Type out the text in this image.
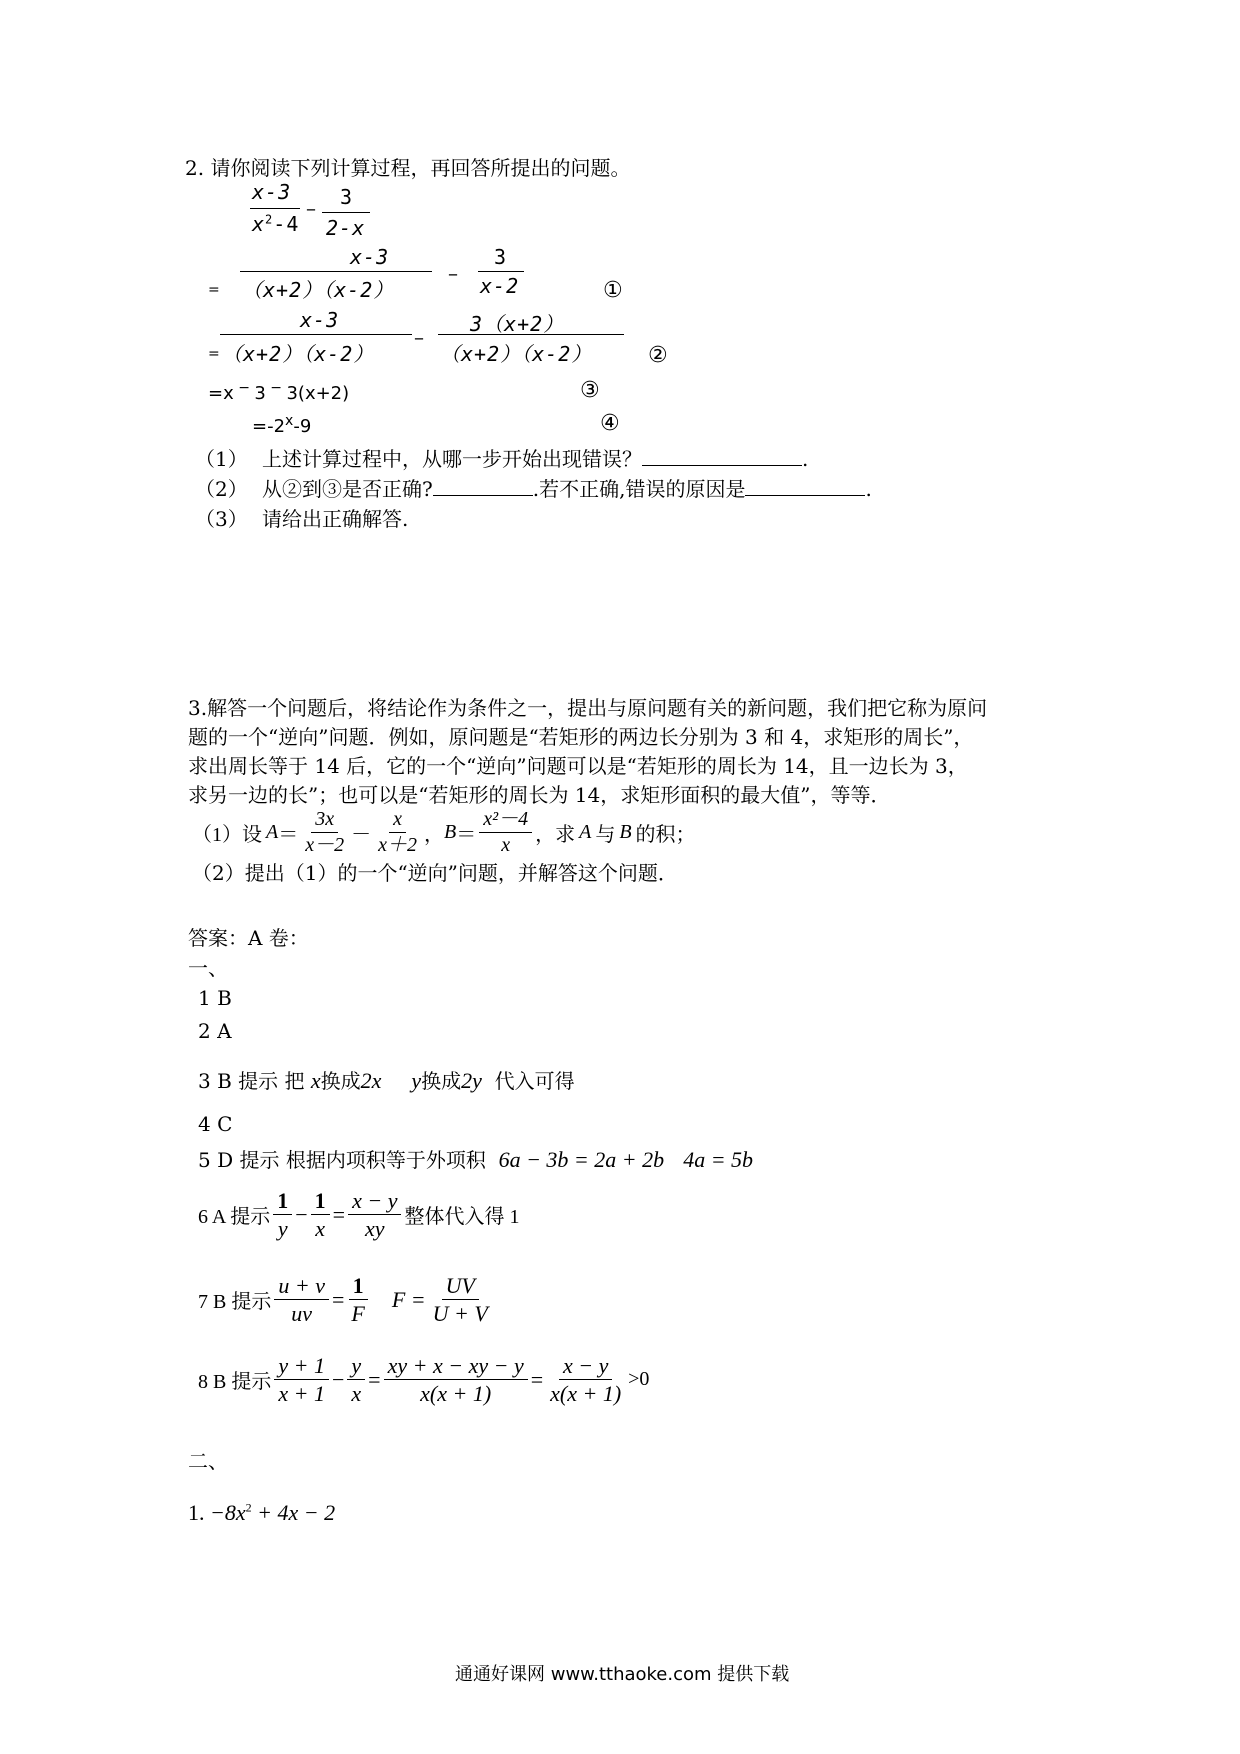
2. 请你阅读下列计算过程，再回答所提出的问题。
x-3
$x^2-4$
– 3
2-x
x-3
= （x+2）（x-2）
–
3
x-2	①
x-3
= （x+2）（x-2）
–
3（x+2）
（x+2）（x-2）	②
=x − 3 − 3(x+2)	③
$=-2^x-9$	④
（1） 上述计算过程中，从哪一步开始出现错误？	.
（2） 从②到③是否正确?	.若不正确,错误的原因是	.
（3） 请给出正确解答.
3.解答一个问题后，将结论作为条件之一，提出与原问题有关的新问题，我们把它称为原问
题的一个“逆向”问题．例如，原问题是“若矩形的两边长分别为 3 和 4，求矩形的周长”，
求出周长等于 14 后，它的一个“逆向”问题可以是“若矩形的周长为 14，且一边长为 3，
求另一边的长”；也可以是“若矩形的周长为 14，求矩形面积的最大值”，等等．
（1）设 $A = \frac{3x}{x-2} - \frac{x}{x+2}$ ， $B = \frac{\text{x²－4}}{x}$ ，求 A 与 B 的积；
（2）提出（1）的一个“逆向”问题，并解答这个问题．
答案：A 卷：
一、
1 B
2 A
3 B 提示 把 x换成2x y换成2y 代入可得
4 C
5 D 提示 根据内项积等于外项积 6a − 3b = 2a + 2b 4a = 5b
6 A 提示 $\frac{1}{y} - \frac{1}{x} = \frac{x - y}{xy}$ 整体代入得 1
7 B 提示 $\frac{u + v}{uv} = \frac{1}{F}$ $F = \frac{UV}{U + V}$
8 B 提示 $\frac{y + 1}{x + 1} - \frac{y}{x} = \frac{xy + x - xy - y}{x(x + 1)} = \frac{x - y}{x(x + 1)} >0$
二、
1. $-8x^2 + 4x - 2$
通通好课网 www.tthaoke.com 提供下载
